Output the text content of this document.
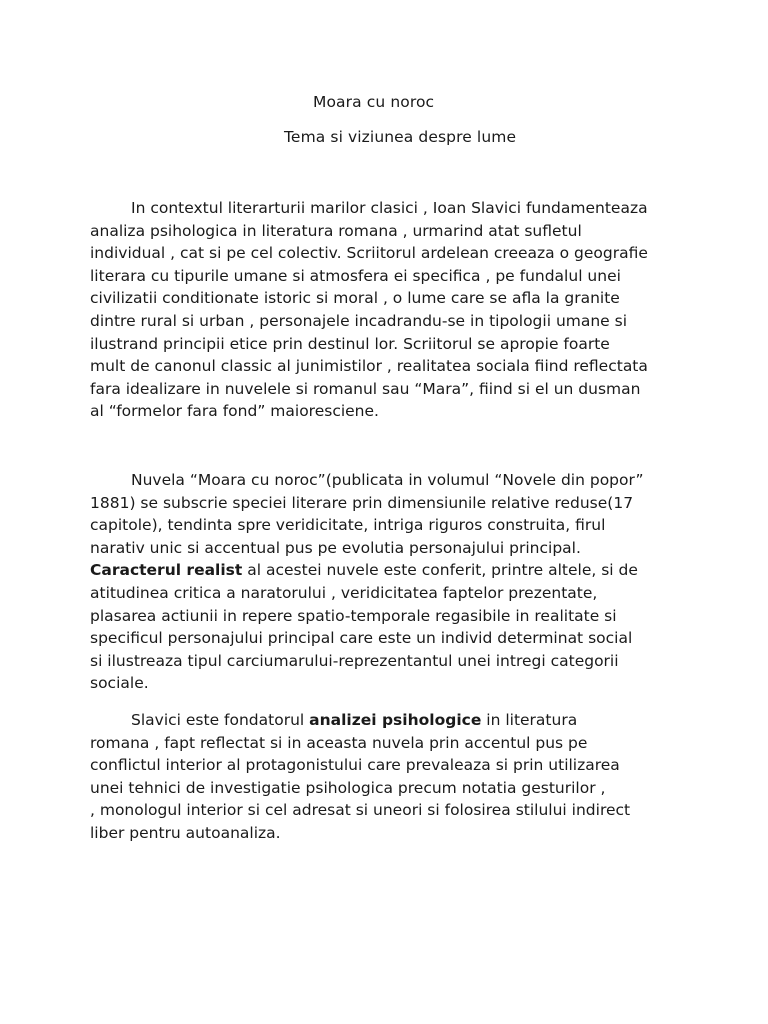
Moara cu noroc
Tema si viziunea despre lume

In contextul literarturii marilor clasici , Ioan Slavici fundamenteaza
analiza psihologica in literatura romana , urmarind atat sufletul
individual , cat si pe cel colectiv. Scriitorul ardelean creeaza o geografie
literara cu tipurile umane si atmosfera ei specifica , pe fundalul unei
civilizatii conditionate istoric si moral , o lume care se afla la granite
dintre rural si urban , personajele incadrandu-se in tipologii umane si
ilustrand principii etice prin destinul lor. Scriitorul se apropie foarte
mult de canonul classic al junimistilor , realitatea sociala fiind reflectata
fara idealizare in nuvelele si romanul sau “Mara”, fiind si el un dusman
al “formelor fara fond” maiorescienе.

Nuvela “Moara cu noroc”(publicata in volumul “Novele din popor”
1881) se subscrie speciei literare prin dimensiunile relative reduse(17
capitole), tendinta spre veridicitate, intriga riguros construita, firul
narativ unic si accentual pus pe evolutia personajului principal.
Caracterul realist al acestei nuvele este conferit, printre altele, si de
atitudinea critica a naratorului , veridicitatea faptelor prezentate,
plasarea actiunii in repere spatio-temporale regasibile in realitate si
specificul personajului principal care este un individ determinat social
si ilustreaza tipul carciumarului-reprezentantul unei intregi categorii
sociale.

Slavici este fondatorul analizei psihologice in literatura
romana , fapt reflectat si in aceasta nuvela prin accentul pus pe
conflictul interior al protagonistului care prevaleaza si prin utilizarea
unei tehnici de investigatie psihologica precum notatia gesturilor ,
, monologul interior si cel adresat si uneori si folosirea stilului indirect
liber pentru autoanaliza.
